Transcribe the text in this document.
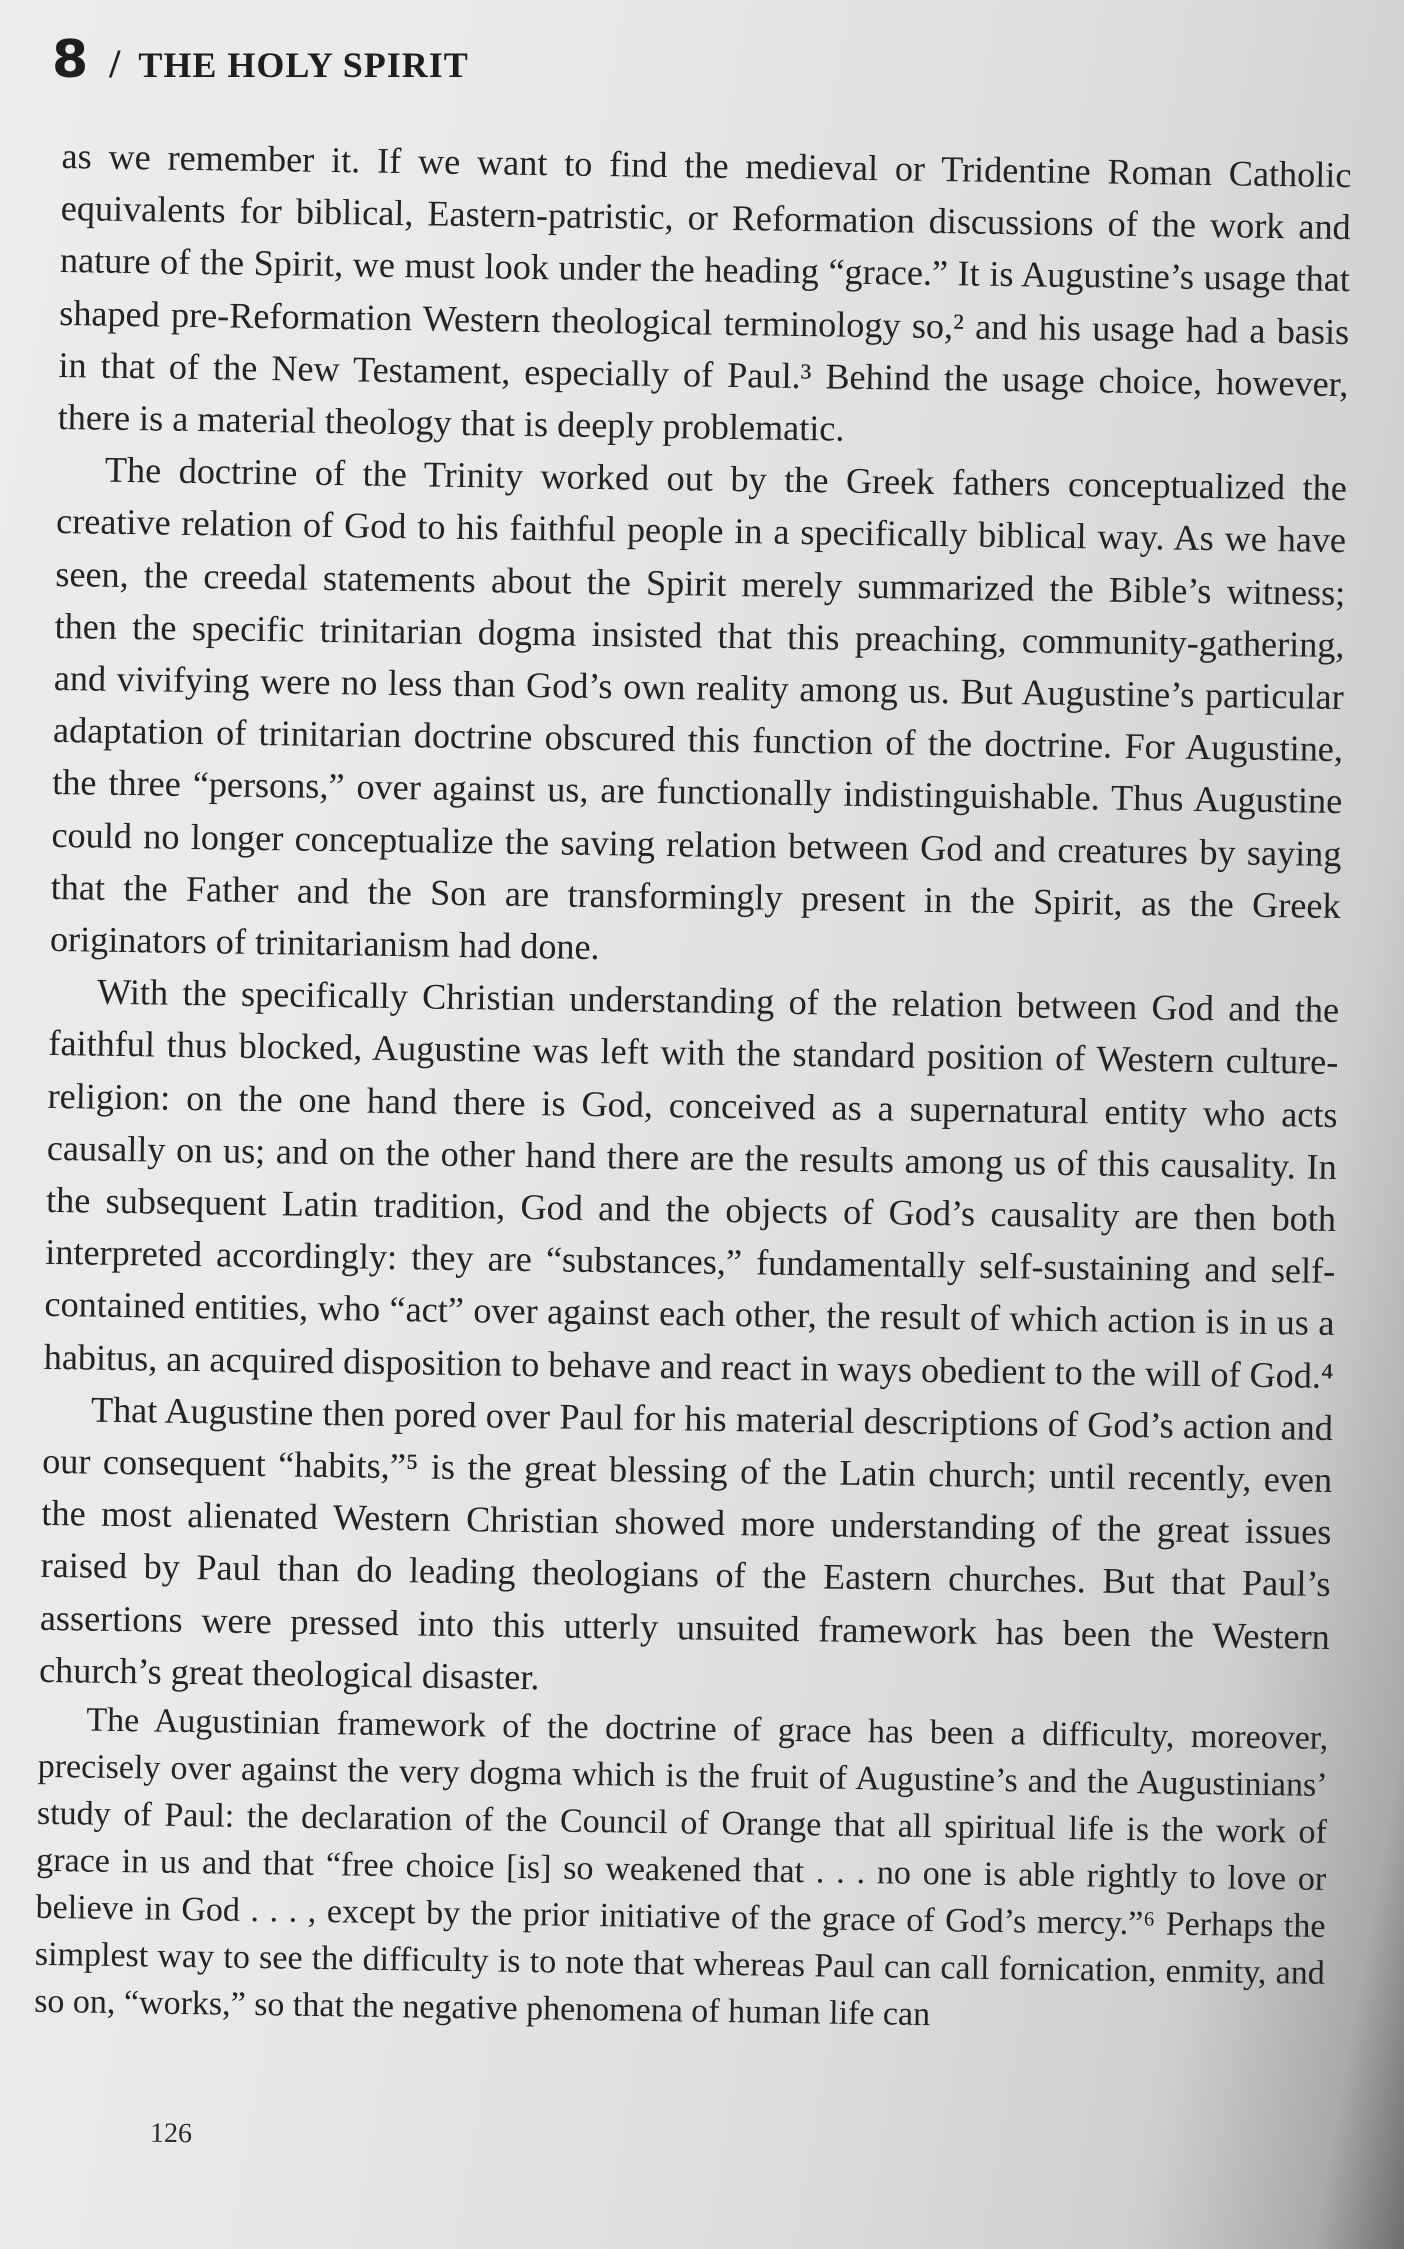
8 / THE HOLY SPIRIT

as we remember it. If we want to find the medieval or Tridentine Roman Catholic equivalents for biblical, Eastern-patristic, or Reformation discussions of the work and nature of the Spirit, we must look under the heading “grace.” It is Augustine’s usage that shaped pre-Reformation Western theological terminology so,² and his usage had a basis in that of the New Testament, especially of Paul.³ Behind the usage choice, however, there is a material theology that is deeply problematic.

The doctrine of the Trinity worked out by the Greek fathers conceptualized the creative relation of God to his faithful people in a specifically biblical way. As we have seen, the creedal statements about the Spirit merely summarized the Bible’s witness; then the specific trinitarian dogma insisted that this preaching, community-gathering, and vivifying were no less than God’s own reality among us. But Augustine’s particular adaptation of trinitarian doctrine obscured this function of the doctrine. For Augustine, the three “persons,” over against us, are functionally indistinguishable. Thus Augustine could no longer conceptualize the saving relation between God and creatures by saying that the Father and the Son are transformingly present in the Spirit, as the Greek originators of trinitarianism had done.

With the specifically Christian understanding of the relation between God and the faithful thus blocked, Augustine was left with the standard position of Western culture-religion: on the one hand there is God, conceived as a supernatural entity who acts causally on us; and on the other hand there are the results among us of this causality. In the subsequent Latin tradition, God and the objects of God’s causality are then both interpreted accordingly: they are “substances,” fundamentally self-sustaining and self-contained entities, who “act” over against each other, the result of which action is in us a habitus, an acquired disposition to behave and react in ways obedient to the will of God.⁴

That Augustine then pored over Paul for his material descriptions of God’s action and our consequent “habits,”⁵ is the great blessing of the Latin church; until recently, even the most alienated Western Christian showed more understanding of the great issues raised by Paul than do leading theologians of the Eastern churches. But that Paul’s assertions were pressed into this utterly unsuited framework has been the Western church’s great theological disaster.

The Augustinian framework of the doctrine of grace has been a difficulty, moreover, precisely over against the very dogma which is the fruit of Augustine’s and the Augustinians’ study of Paul: the declaration of the Council of Orange that all spiritual life is the work of grace in us and that “free choice [is] so weakened that . . . no one is able rightly to love or believe in God . . . , except by the prior initiative of the grace of God’s mercy.”⁶ Perhaps the simplest way to see the difficulty is to note that whereas Paul can call fornication, enmity, and so on, “works,” so that the negative phenomena of human life can

126
